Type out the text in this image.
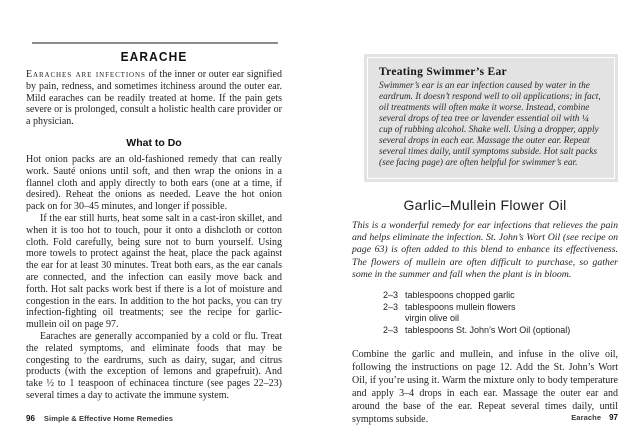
EARACHE

Earaches are infections of the inner or outer ear signified by pain, redness, and sometimes itchiness around the outer ear. Mild earaches can be readily treated at home. If the pain gets severe or is prolonged, consult a holistic health care provider or a physician.

What to Do

Hot onion packs are an old-fashioned remedy that can really work. Sauté onions until soft, and then wrap the onions in a flannel cloth and apply directly to both ears (one at a time, if desired). Reheat the onions as needed. Leave the hot onion pack on for 30–45 minutes, and longer if possible.

If the ear still hurts, heat some salt in a cast-iron skillet, and when it is too hot to touch, pour it onto a dishcloth or cotton cloth. Fold carefully, being sure not to burn yourself. Using more towels to protect against the heat, place the pack against the ear for at least 30 minutes. Treat both ears, as the ear canals are connected, and the infection can easily move back and forth. Hot salt packs work best if there is a lot of moisture and congestion in the ears. In addition to the hot packs, you can try infection-fighting oil treatments; see the recipe for garlic-mullein oil on page 97.

Earaches are generally accompanied by a cold or flu. Treat the related symptoms, and eliminate foods that may be congesting to the eardrums, such as dairy, sugar, and citrus products (with the exception of lemons and grapefruit). And take ½ to 1 teaspoon of echinacea tincture (see pages 22–23) several times a day to activate the immune system.

96 Simple & Effective Home Remedies
Treating Swimmer’s Ear

Swimmer’s ear is an ear infection caused by water in the eardrum. It doesn’t respond well to oil applications; in fact, oil treatments will often make it worse. Instead, combine several drops of tea tree or lavender essential oil with ¼ cup of rubbing alcohol. Shake well. Using a dropper, apply several drops in each ear. Massage the outer ear. Repeat several times daily, until symptoms subside. Hot salt packs (see facing page) are often helpful for swimmer’s ear.

Garlic–Mullein Flower Oil

This is a wonderful remedy for ear infections that relieves the pain and helps eliminate the infection. St. John’s Wort Oil (see recipe on page 63) is often added to this blend to enhance its effectiveness. The flowers of mullein are often difficult to purchase, so gather some in the summer and fall when the plant is in bloom.

2–3 tablespoons chopped garlic
2–3 tablespoons mullein flowers
virgin olive oil
2–3 tablespoons St. John’s Wort Oil (optional)

Combine the garlic and mullein, and infuse in the olive oil, following the instructions on page 12. Add the St. John’s Wort Oil, if you’re using it. Warm the mixture only to body temperature and apply 3–4 drops in each ear. Massage the outer ear and around the base of the ear. Repeat several times daily, until symptoms subside.	Earache 97
